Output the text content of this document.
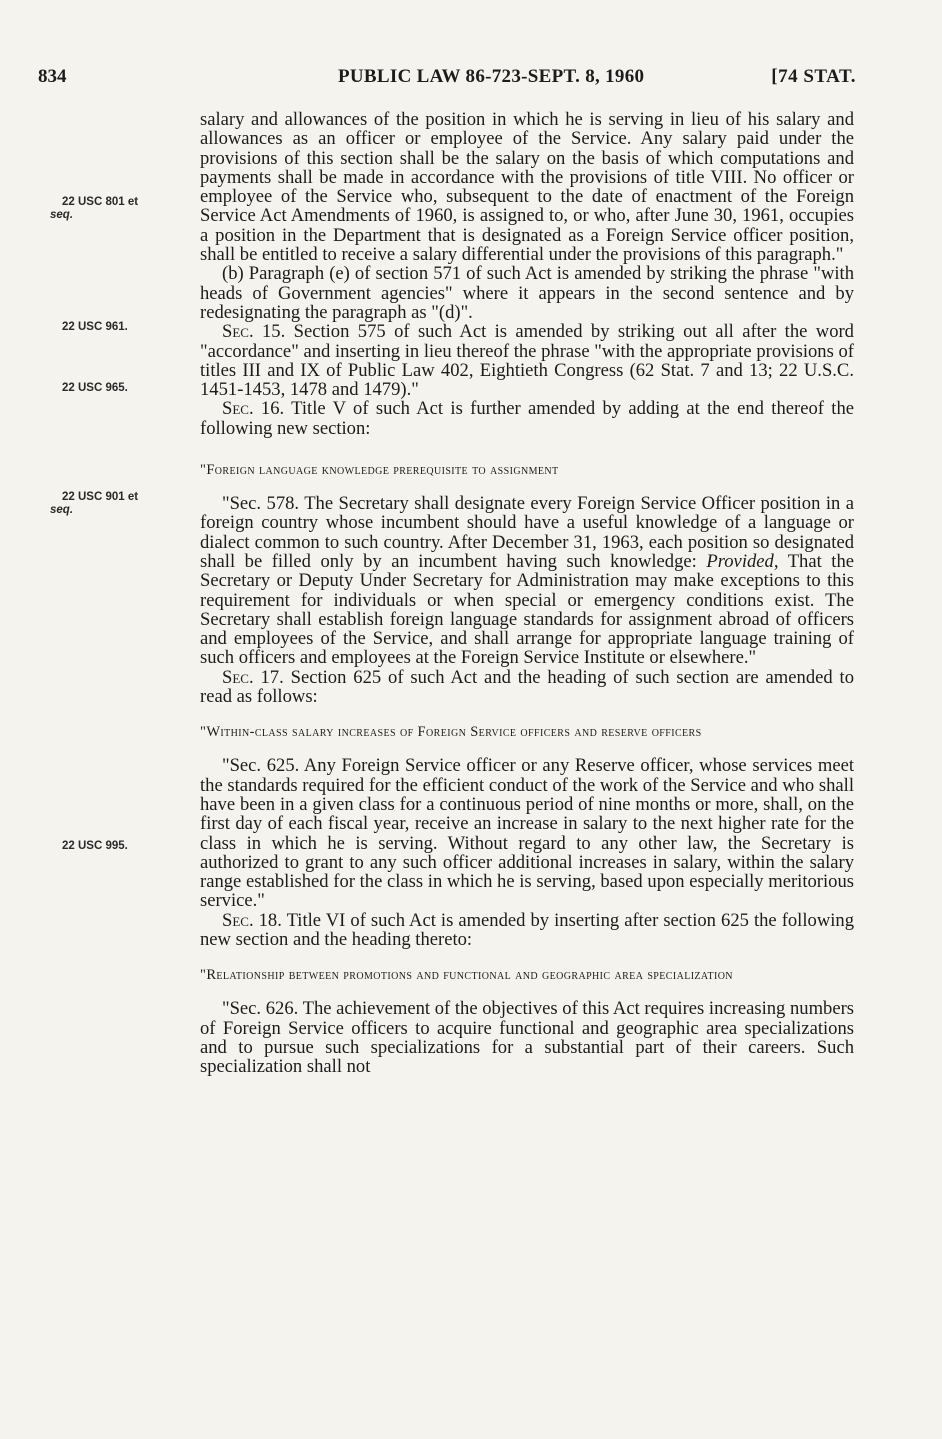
834	PUBLIC LAW 86-723-SEPT. 8, 1960	[74 STAT.
22 USC 801 et
seq.
22 USC 961.
22 USC 965.
22 USC 901 et
seq.
22 USC 995.

salary and allowances of the position in which he is serving in lieu of his salary and allowances as an officer or employee of the Service. Any salary paid under the provisions of this section shall be the salary on the basis of which computations and payments shall be made in accordance with the provisions of title VIII. No officer or employee of the Service who, subsequent to the date of enactment of the Foreign Service Act Amendments of 1960, is assigned to, or who, after June 30, 1961, occupies a position in the Department that is designated as a Foreign Service officer position, shall be entitled to receive a salary differential under the provisions of this paragraph."

(b) Paragraph (e) of section 571 of such Act is amended by striking the phrase "with heads of Government agencies" where it appears in the second sentence and by redesignating the paragraph as "(d)".

Sec. 15. Section 575 of such Act is amended by striking out all after the word "accordance" and inserting in lieu thereof the phrase "with the appropriate provisions of titles III and IX of Public Law 402, Eightieth Congress (62 Stat. 7 and 13; 22 U.S.C. 1451-1453, 1478 and 1479)."

Sec. 16. Title V of such Act is further amended by adding at the end thereof the following new section:

"Foreign language knowledge prerequisite to assignment

"Sec. 578. The Secretary shall designate every Foreign Service Officer position in a foreign country whose incumbent should have a useful knowledge of a language or dialect common to such country. After December 31, 1963, each position so designated shall be filled only by an incumbent having such knowledge: Provided, That the Secretary or Deputy Under Secretary for Administration may make exceptions to this requirement for individuals or when special or emergency conditions exist. The Secretary shall establish foreign language standards for assignment abroad of officers and employees of the Service, and shall arrange for appropriate language training of such officers and employees at the Foreign Service Institute or elsewhere."

Sec. 17. Section 625 of such Act and the heading of such section are amended to read as follows:

"Within-class salary increases of Foreign Service officers and reserve officers

"Sec. 625. Any Foreign Service officer or any Reserve officer, whose services meet the standards required for the efficient conduct of the work of the Service and who shall have been in a given class for a continuous period of nine months or more, shall, on the first day of each fiscal year, receive an increase in salary to the next higher rate for the class in which he is serving. Without regard to any other law, the Secretary is authorized to grant to any such officer additional increases in salary, within the salary range established for the class in which he is serving, based upon especially meritorious service."

Sec. 18. Title VI of such Act is amended by inserting after section 625 the following new section and the heading thereto:

"Relationship between promotions and functional and geographic area specialization

"Sec. 626. The achievement of the objectives of this Act requires increasing numbers of Foreign Service officers to acquire functional and geographic area specializations and to pursue such specializations for a substantial part of their careers. Such specialization shall not
